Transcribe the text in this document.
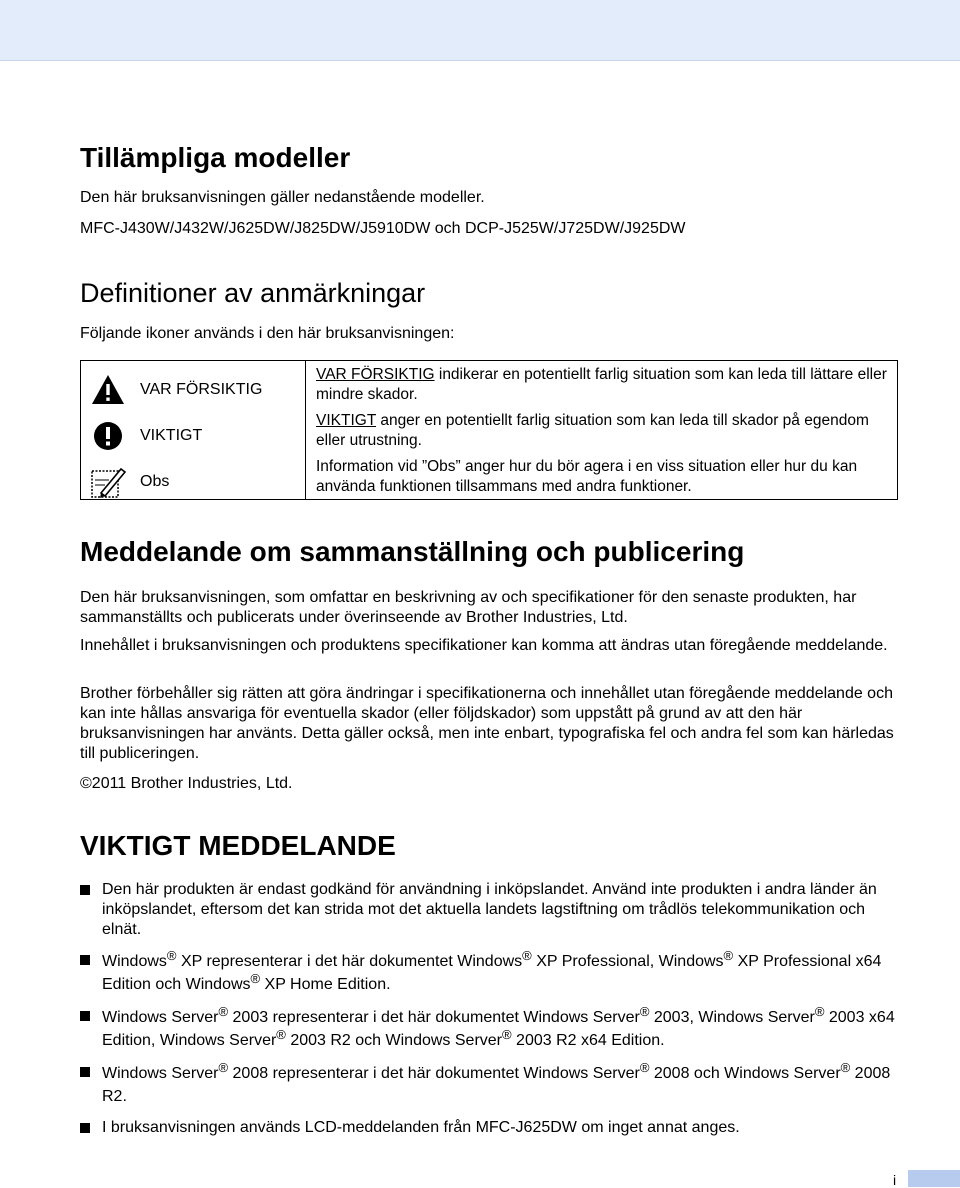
Tillämpliga modeller

Den här bruksanvisningen gäller nedanstående modeller.

MFC-J430W/J432W/J625DW/J825DW/J5910DW och DCP-J525W/J725DW/J925DW

Definitioner av anmärkningar

Följande ikoner används i den här bruksanvisningen:

VAR FÖRSIKTIG
VIKTIGT
Obs

VAR FÖRSIKTIG indikerar en potentiellt farlig situation som kan leda till lättare eller mindre skador.

VIKTIGT anger en potentiellt farlig situation som kan leda till skador på egendom eller utrustning.

Information vid ”Obs” anger hur du bör agera i en viss situation eller hur du kan använda funktionen tillsammans med andra funktioner.

Meddelande om sammanställning och publicering

Den här bruksanvisningen, som omfattar en beskrivning av och specifikationer för den senaste produkten, har sammanställts och publicerats under överinseende av Brother Industries, Ltd.

Innehållet i bruksanvisningen och produktens specifikationer kan komma att ändras utan föregående meddelande.

Brother förbehåller sig rätten att göra ändringar i specifikationerna och innehållet utan föregående meddelande och kan inte hållas ansvariga för eventuella skador (eller följdskador) som uppstått på grund av att den här bruksanvisningen har använts. Detta gäller också, men inte enbart, typografiska fel och andra fel som kan härledas till publiceringen.

©2011 Brother Industries, Ltd.

VIKTIGT MEDDELANDE
Den här produkten är endast godkänd för användning i inköpslandet. Använd inte produkten i andra länder än inköpslandet, eftersom det kan strida mot det aktuella landets lagstiftning om trådlös telekommunikation och elnät.
Windows® XP representerar i det här dokumentet Windows® XP Professional, Windows® XP Professional x64 Edition och Windows® XP Home Edition.
Windows Server® 2003 representerar i det här dokumentet Windows Server® 2003, Windows Server® 2003 x64 Edition, Windows Server® 2003 R2 och Windows Server® 2003 R2 x64 Edition.
Windows Server® 2008 representerar i det här dokumentet Windows Server® 2008 och Windows Server® 2008 R2.
I bruksanvisningen används LCD-meddelanden från MFC-J625DW om inget annat anges.
i
